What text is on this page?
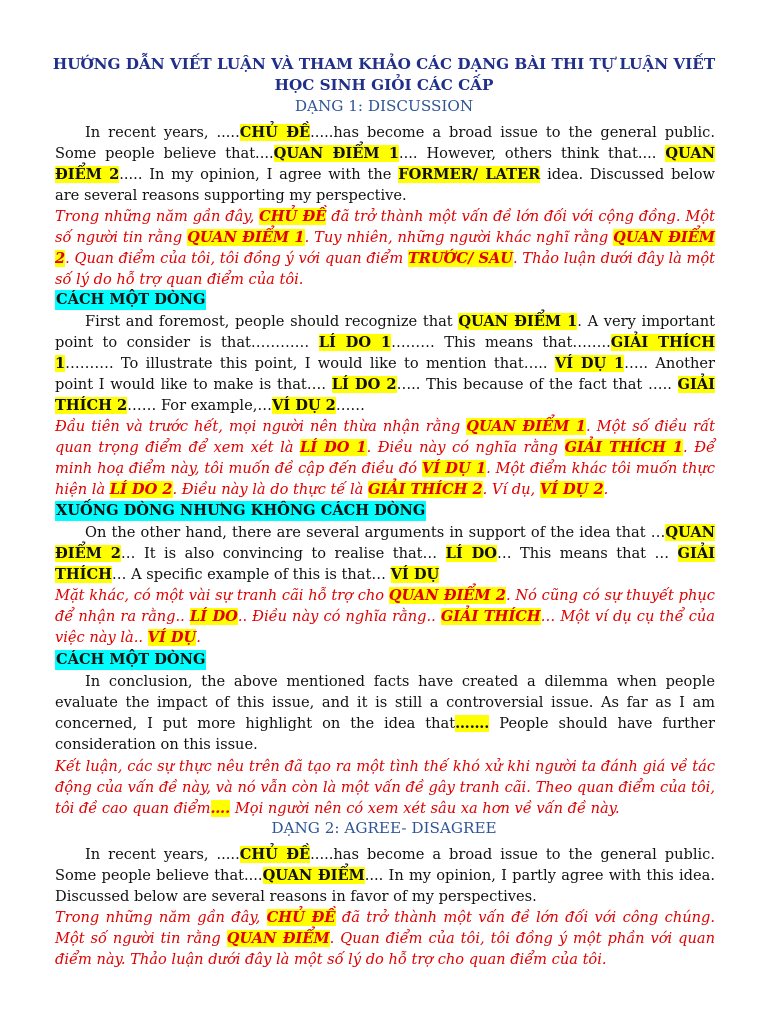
HƯỚNG DẪN VIẾT LUẬN VÀ THAM KHẢO CÁC DẠNG BÀI THI TỰ LUẬN VIẾT
HỌC SINH GIỎI CÁC CẤP
DẠNG 1: DISCUSSION

In recent years, .....CHỦ ĐỀ.....has become a broad issue to the general public. Some people believe that....QUAN ĐIỂM 1.... However, others think that.... QUAN ĐIỂM 2..... In my opinion, I agree with the FORMER/ LATER idea. Discussed below are several reasons supporting my perspective.

Trong những năm gần đây, CHỦ ĐỀ đã trở thành một vấn đề lớn đối với cộng đồng. Một số người tin rằng QUAN ĐIỂM 1. Tuy nhiên, những người khác nghĩ rằng QUAN ĐIỂM 2. Quan điểm của tôi, tôi đồng ý với quan điểm TRƯỚC/ SAU. Thảo luận dưới đây là một số lý do hỗ trợ quan điểm của tôi.

CÁCH MỘT DÒNG

First and foremost, people should recognize that QUAN ĐIỂM 1. A very important point to consider is that………… LÍ DO 1……… This means that……..GIẢI THÍCH 1………. To illustrate this point, I would like to mention that….. VÍ DỤ 1….. Another point I would like to make is that…. LÍ DO 2….. This because of the fact that ….. GIẢI THÍCH 2…… For example,…VÍ DỤ 2……

Đầu tiên và trước hết, mọi người nên thừa nhận rằng QUAN ĐIỂM 1. Một số điều rất quan trọng điểm để xem xét là LÍ DO 1. Điều này có nghĩa rằng GIẢI THÍCH 1. Để minh hoạ điểm này, tôi muốn đề cập đến điều đó VÍ DỤ 1. Một điểm khác tôi muốn thực hiện là LÍ DO 2. Điều này là do thực tế là GIẢI THÍCH 2. Ví dụ, VÍ DỤ 2.

XUỐNG DÒNG NHƯNG KHÔNG CÁCH DÒNG

On the other hand, there are several arguments in support of the idea that …QUAN ĐIỂM 2… It is also convincing to realise that… LÍ DO… This means that … GIẢI THÍCH… A specific example of this is that… VÍ DỤ

Mặt khác, có một vài sự tranh cãi hỗ trợ cho QUAN ĐIỂM 2. Nó cũng có sự thuyết phục để nhận ra rằng.. LÍ DO.. Điều này có nghĩa rằng.. GIẢI THÍCH… Một ví dụ cụ thể của việc này là.. VÍ DỤ.

CÁCH MỘT DÒNG

In conclusion, the above mentioned facts have created a dilemma when people evaluate the impact of this issue, and it is still a controversial issue. As far as I am concerned, I put more highlight on the idea that……. People should have further consideration on this issue.

Kết luận, các sự thực nêu trên đã tạo ra một tình thế khó xử khi người ta đánh giá về tác động của vấn đề này, và nó vẫn còn là một vấn đề gây tranh cãi. Theo quan điểm của tôi, tôi đề cao quan điểm…. Mọi người nên có xem xét sâu xa hơn về vấn đề này.

DẠNG 2: AGREE- DISAGREE

In recent years, .....CHỦ ĐỀ.....has become a broad issue to the general public. Some people believe that....QUAN ĐIỂM.... In my opinion, I partly agree with this idea. Discussed below are several reasons in favor of my perspectives.

Trong những năm gần đây, CHỦ ĐỀ đã trở thành một vấn đề lớn đối với công chúng. Một số người tin rằng QUAN ĐIỂM. Quan điểm của tôi, tôi đồng ý một phần với quan điểm này. Thảo luận dưới đây là một số lý do hỗ trợ cho quan điểm của tôi.
